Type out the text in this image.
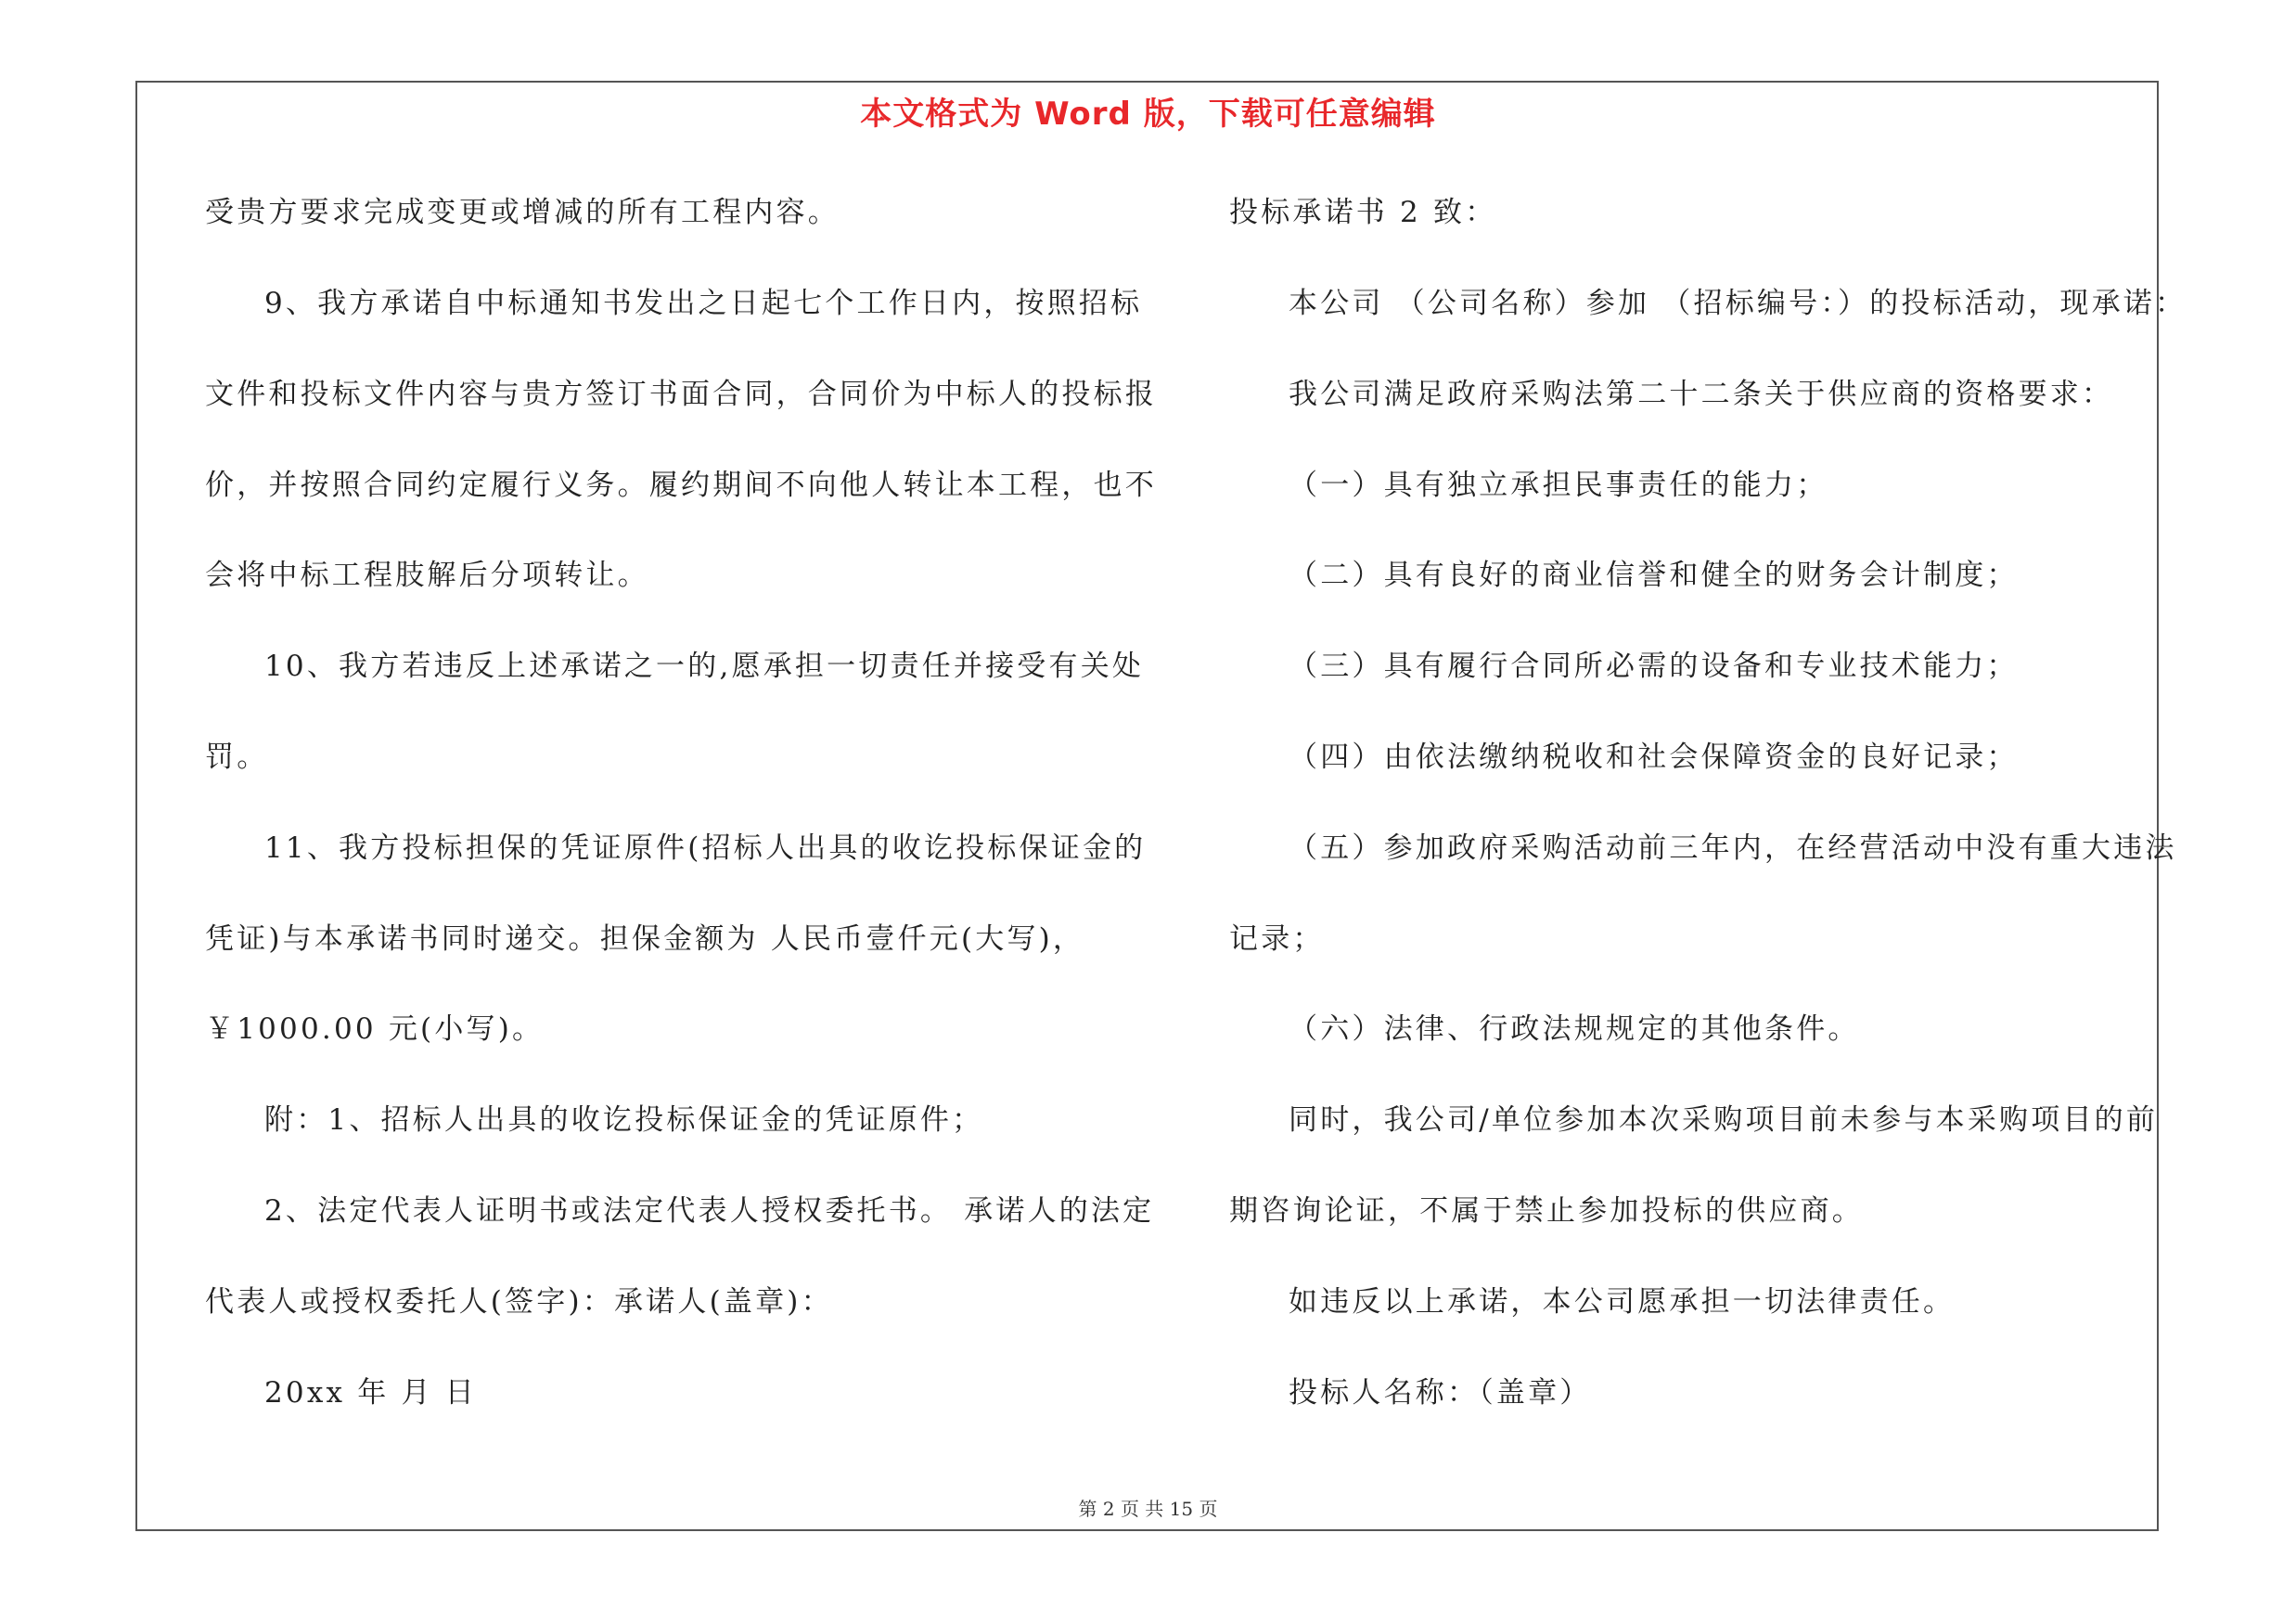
本文格式为 Word 版，下载可任意编辑
受贵方要求完成变更或增减的所有工程内容。
9、我方承诺自中标通知书发出之日起七个工作日内，按照招标
文件和投标文件内容与贵方签订书面合同，合同价为中标人的投标报
价，并按照合同约定履行义务。履约期间不向他人转让本工程，也不
会将中标工程肢解后分项转让。
10、我方若违反上述承诺之一的,愿承担一切责任并接受有关处
罚。
11、我方投标担保的凭证原件(招标人出具的收讫投标保证金的
凭证)与本承诺书同时递交。担保金额为 人民币壹仟元(大写)，
￥1000.00 元(小写)。
附：1、招标人出具的收讫投标保证金的凭证原件；
2、法定代表人证明书或法定代表人授权委托书。 承诺人的法定
代表人或授权委托人(签字)：承诺人(盖章)：
20xx 年 月 日
投标承诺书 2 致：
本公司 （公司名称）参加 （招标编号：）的投标活动，现承诺：
我公司满足政府采购法第二十二条关于供应商的资格要求：
（一）具有独立承担民事责任的能力；
（二）具有良好的商业信誉和健全的财务会计制度；
（三）具有履行合同所必需的设备和专业技术能力；
（四）由依法缴纳税收和社会保障资金的良好记录；
（五）参加政府采购活动前三年内，在经营活动中没有重大违法
记录；
（六）法律、行政法规规定的其他条件。
同时，我公司/单位参加本次采购项目前未参与本采购项目的前
期咨询论证，不属于禁止参加投标的供应商。
如违反以上承诺，本公司愿承担一切法律责任。
投标人名称：（盖章）
第 2 页 共 15 页
